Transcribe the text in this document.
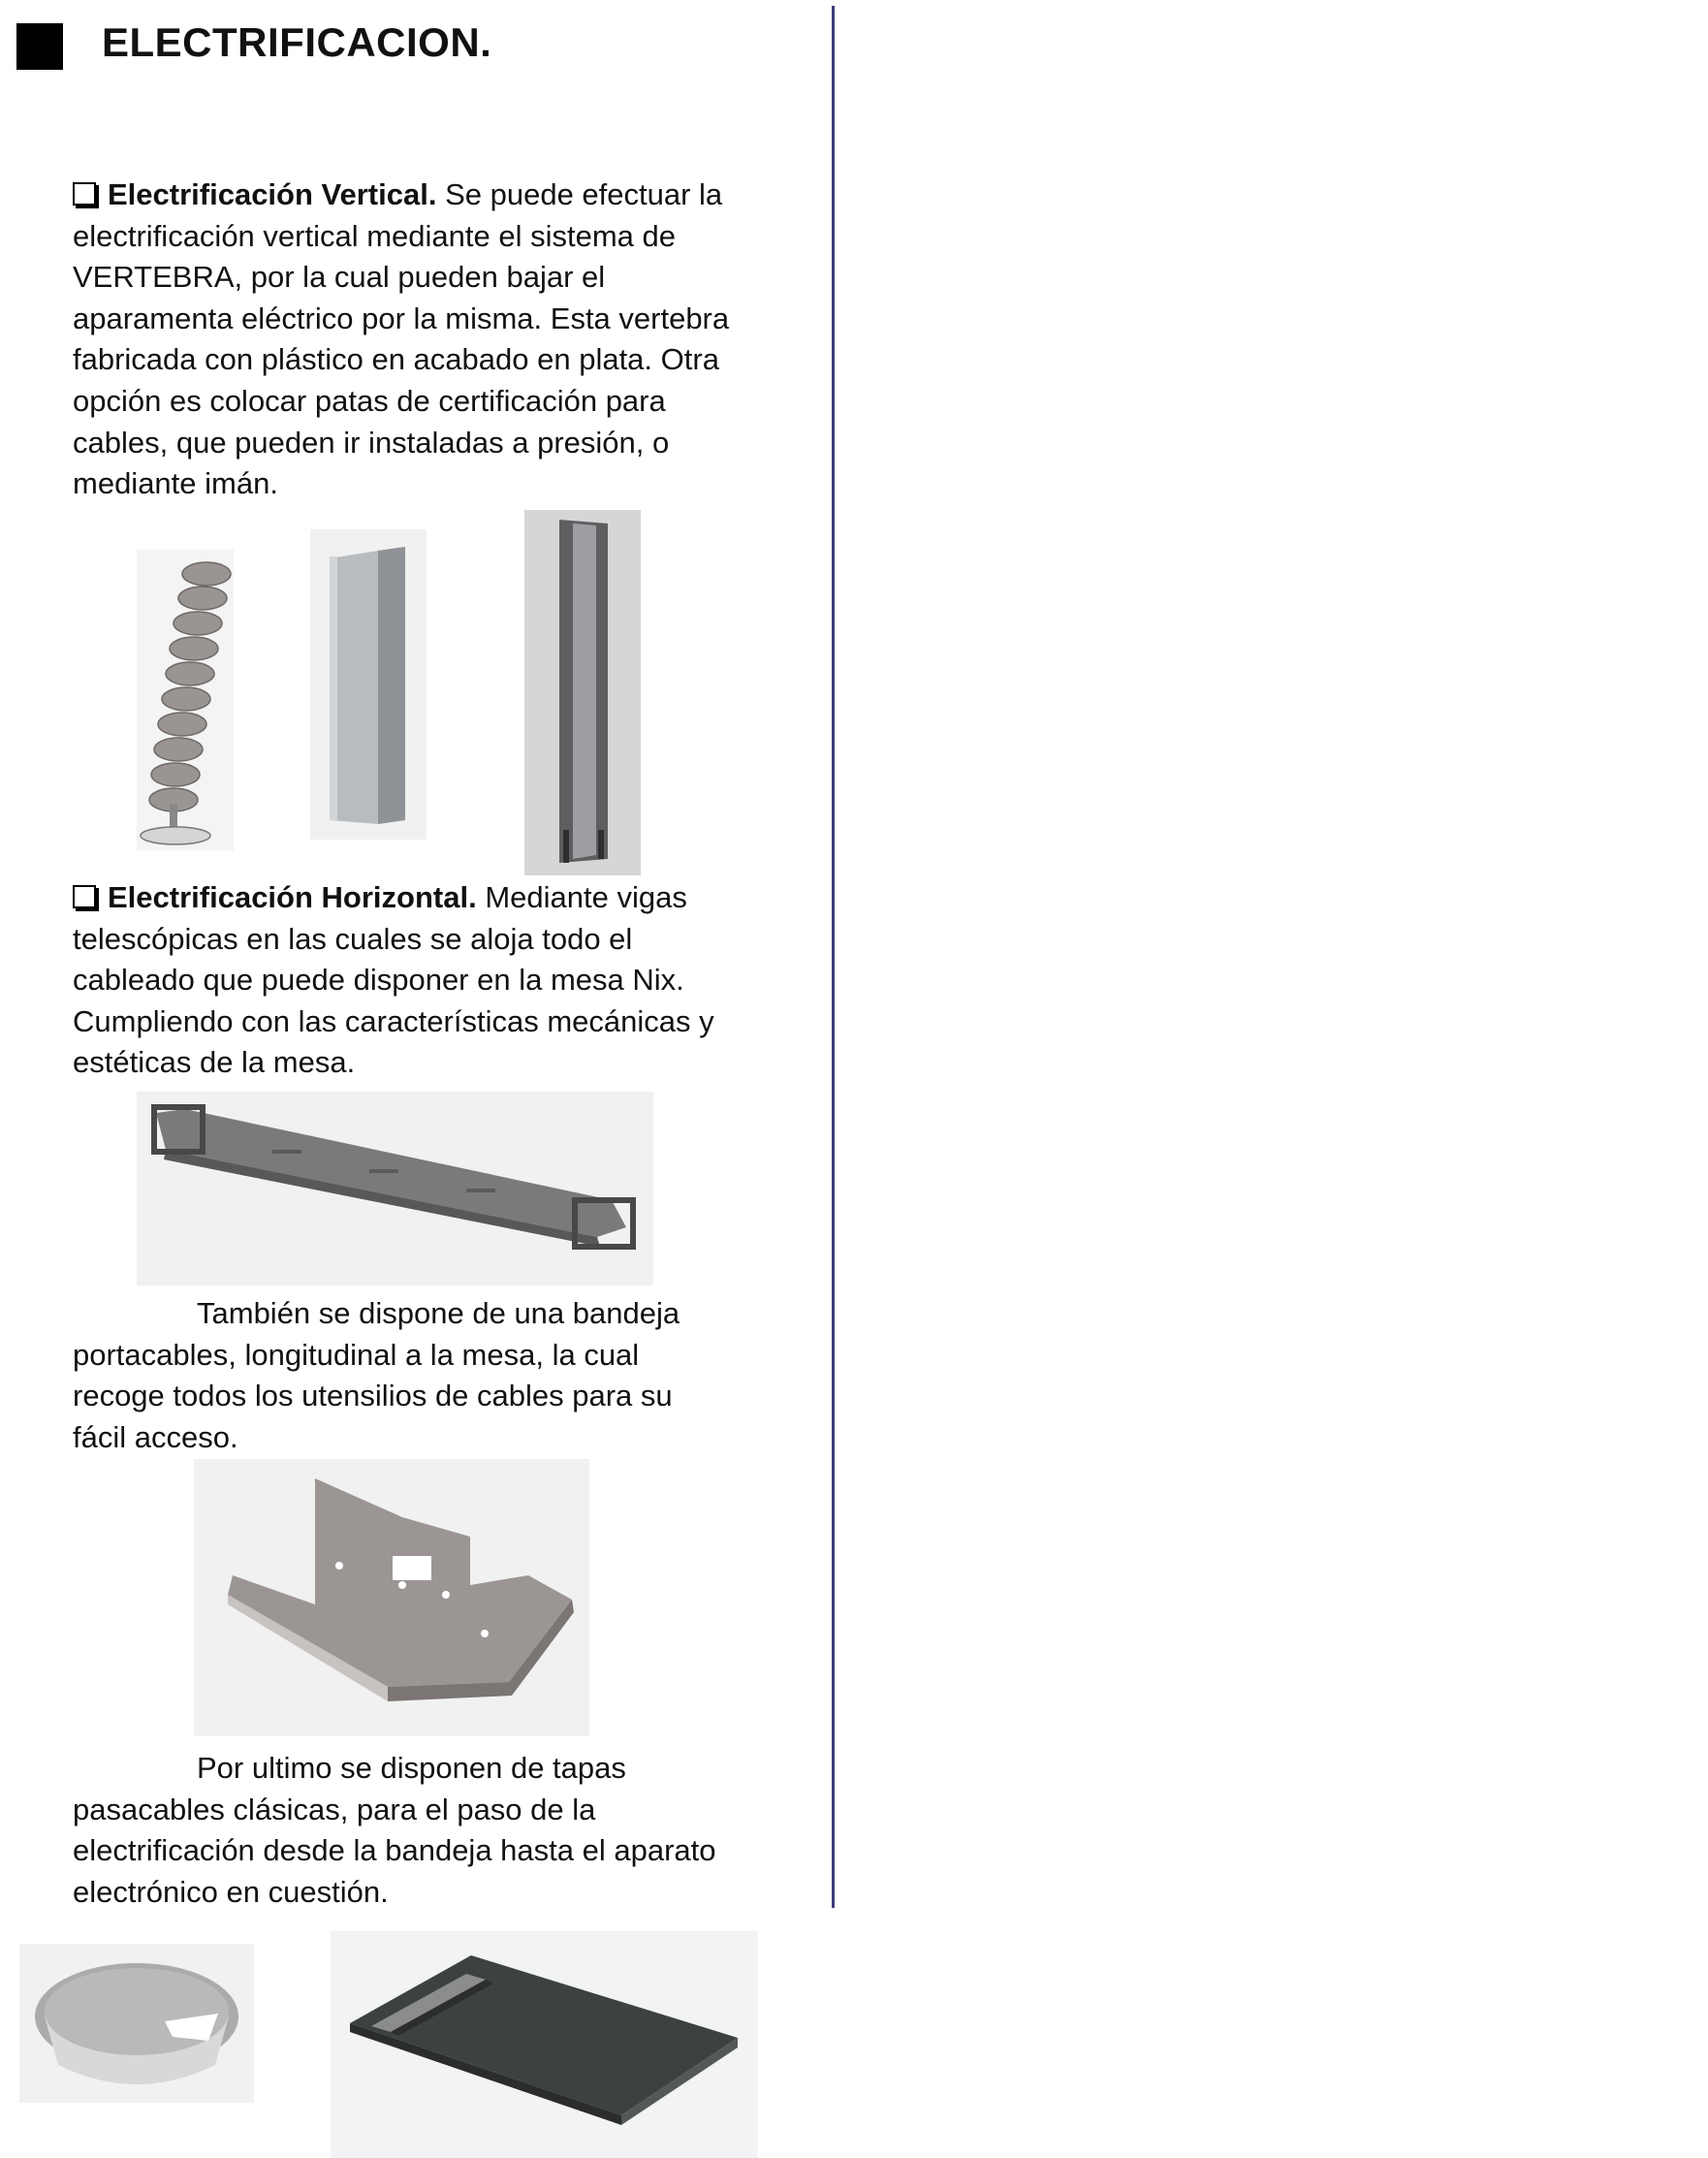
ELECTRIFICACION.
Electrificación Vertical. Se puede efectuar la electrificación vertical mediante el sistema de VERTEBRA, por la cual pueden bajar el aparamenta eléctrico por la misma. Esta vertebra fabricada con plástico en acabado en plata. Otra opción es colocar patas de certificación para cables, que pueden ir instaladas a presión, o mediante imán.
Electrificación Horizontal. Mediante vigas telescópicas en las cuales se aloja todo el cableado que puede disponer en la mesa Nix. Cumpliendo con las características mecánicas y estéticas de la mesa.
También se dispone de una bandeja portacables, longitudinal a la mesa, la cual recoge todos los utensilios de cables para su fácil acceso.
Por ultimo se disponen de tapas pasacables clásicas, para el paso de la electrificación desde la bandeja hasta el aparato electrónico en cuestión.
